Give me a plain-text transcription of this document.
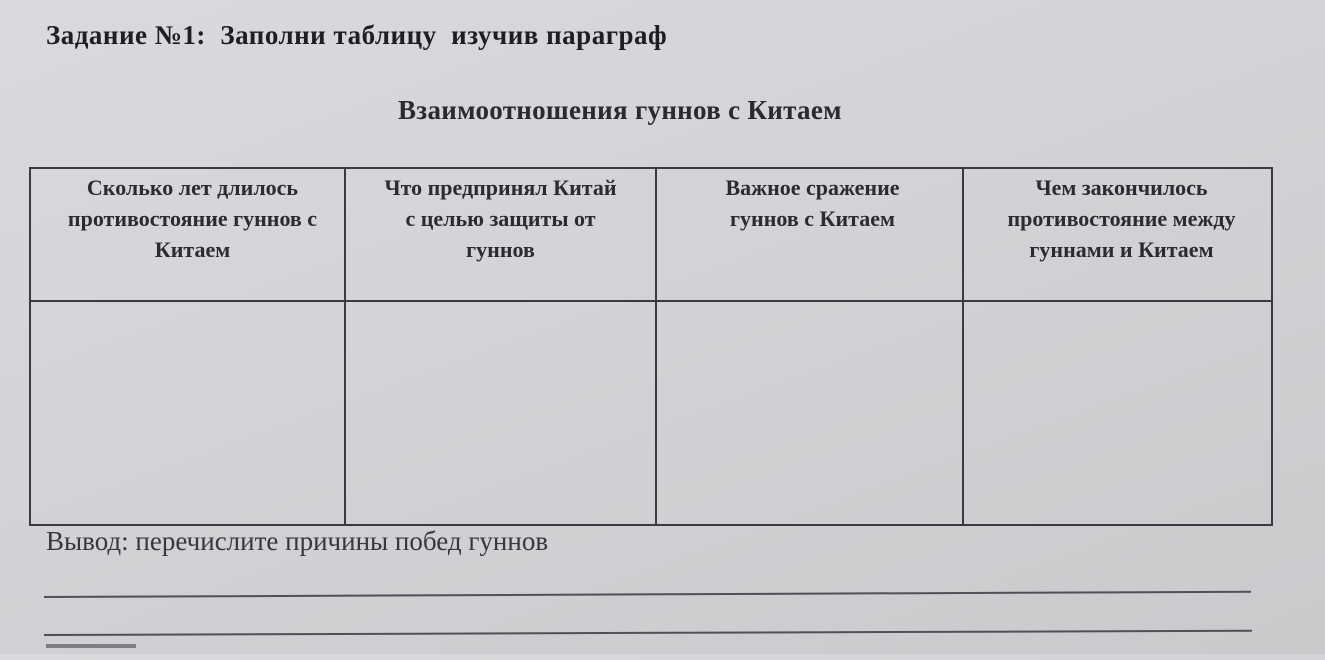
Задание №1:  Заполни таблицу  изучив параграф
Взаимоотношения гуннов с Китаем
Сколько лет длилось противостояние гуннов с Китаем	Что предпринял Китай с целью защиты от гуннов	Важное сражение гуннов с Китаем	Чем закончилось противостояние между гуннами и Китаем

Вывод: перечислите причины побед гуннов
